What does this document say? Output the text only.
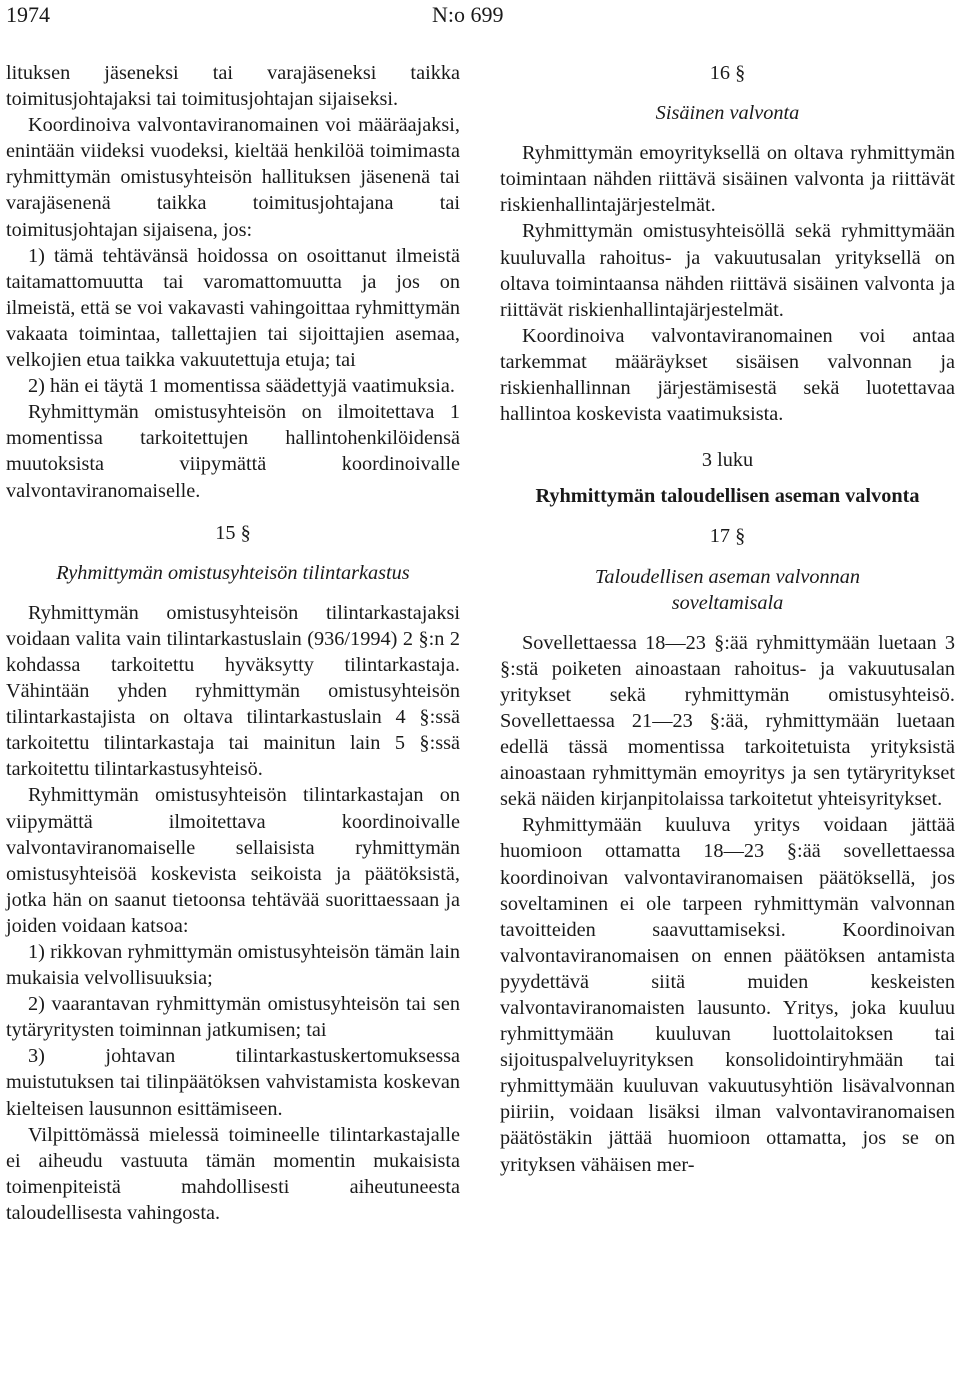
1974	N:o 699

lituksen jäseneksi tai varajäseneksi taikka toimitusjohtajaksi tai toimitusjohtajan sijaiseksi.

Koordinoiva valvontaviranomainen voi määräajaksi, enintään viideksi vuodeksi, kieltää henkilöä toimimasta ryhmittymän omistusyhteisön hallituksen jäsenenä tai varajäsenenä taikka toimitusjohtajana tai toimitusjohtajan sijaisena, jos:

1) tämä tehtävänsä hoidossa on osoittanut ilmeistä taitamattomuutta tai varomattomuutta ja jos on ilmeistä, että se voi vakavasti vahingoittaa ryhmittymän vakaata toimintaa, tallettajien tai sijoittajien asemaa, velkojien etua taikka vakuutettuja etuja; tai

2) hän ei täytä 1 momentissa säädettyjä vaatimuksia.

Ryhmittymän omistusyhteisön on ilmoitettava 1 momentissa tarkoitettujen hallintohenkilöidensä muutoksista viipymättä koordinoivalle valvontaviranomaiselle.

15 §
Ryhmittymän omistusyhteisön tilintarkastus

Ryhmittymän omistusyhteisön tilintarkastajaksi voidaan valita vain tilintarkastuslain (936/1994) 2 §:n 2 kohdassa tarkoitettu hyväksytty tilintarkastaja. Vähintään yhden ryhmittymän omistusyhteisön tilintarkastajista on oltava tilintarkastuslain 4 §:ssä tarkoitettu tilintarkastaja tai mainitun lain 5 §:ssä tarkoitettu tilintarkastusyhteisö.

Ryhmittymän omistusyhteisön tilintarkastajan on viipymättä ilmoitettava koordinoivalle valvontaviranomaiselle sellaisista ryhmittymän omistusyhteisöä koskevista seikoista ja päätöksistä, jotka hän on saanut tietoonsa tehtävää suorittaessaan ja joiden voidaan katsoa:

1) rikkovan ryhmittymän omistusyhteisön tämän lain mukaisia velvollisuuksia;

2) vaarantavan ryhmittymän omistusyhteisön tai sen tytäryritysten toiminnan jatkumisen; tai

3) johtavan tilintarkastuskertomuksessa muistutuksen tai tilinpäätöksen vahvistamista koskevan kielteisen lausunnon esittämiseen.

Vilpittömässä mielessä toimineelle tilintarkastajalle ei aiheudu vastuuta tämän momentin mukaisista toimenpiteistä mahdollisesti aiheutuneesta taloudellisesta vahingosta.

16 §
Sisäinen valvonta

Ryhmittymän emoyrityksellä on oltava ryhmittymän toimintaan nähden riittävä sisäinen valvonta ja riittävät riskienhallintajärjestelmät.

Ryhmittymän omistusyhteisöllä sekä ryhmittymään kuuluvalla rahoitus- ja vakuutusalan yrityksellä on oltava toimintaansa nähden riittävä sisäinen valvonta ja riittävät riskienhallintajärjestelmät.

Koordinoiva valvontaviranomainen voi antaa tarkemmat määräykset sisäisen valvonnan ja riskienhallinnan järjestämisestä sekä luotettavaa hallintoa koskevista vaatimuksista.

3 luku
Ryhmittymän taloudellisen aseman valvonta
17 §
Taloudellisen aseman valvonnan soveltamisala

Sovellettaessa 18—23 §:ää ryhmittymään luetaan 3 §:stä poiketen ainoastaan rahoitus- ja vakuutusalan yritykset sekä ryhmittymän omistusyhteisö. Sovellettaessa 21—23 §:ää, ryhmittymään luetaan edellä tässä momentissa tarkoitetuista yrityksistä ainoastaan ryhmittymän emoyritys ja sen tytäryritykset sekä näiden kirjanpitolaissa tarkoitetut yhteisyritykset.

Ryhmittymään kuuluva yritys voidaan jättää huomioon ottamatta 18—23 §:ää sovellettaessa koordinoivan valvontaviranomaisen päätöksellä, jos soveltaminen ei ole tarpeen ryhmittymän valvonnan tavoitteiden saavuttamiseksi. Koordinoivan valvontaviranomaisen on ennen päätöksen antamista pyydettävä siitä muiden keskeisten valvontaviranomaisten lausunto. Yritys, joka kuuluu ryhmittymään kuuluvan luottolaitoksen tai sijoituspalveluyrityksen konsolidointiryhmään tai ryhmittymään kuuluvan vakuutusyhtiön lisävalvonnan piiriin, voidaan lisäksi ilman valvontaviranomaisen päätöstäkin jättää huomioon ottamatta, jos se on yrityksen vähäisen mer-
